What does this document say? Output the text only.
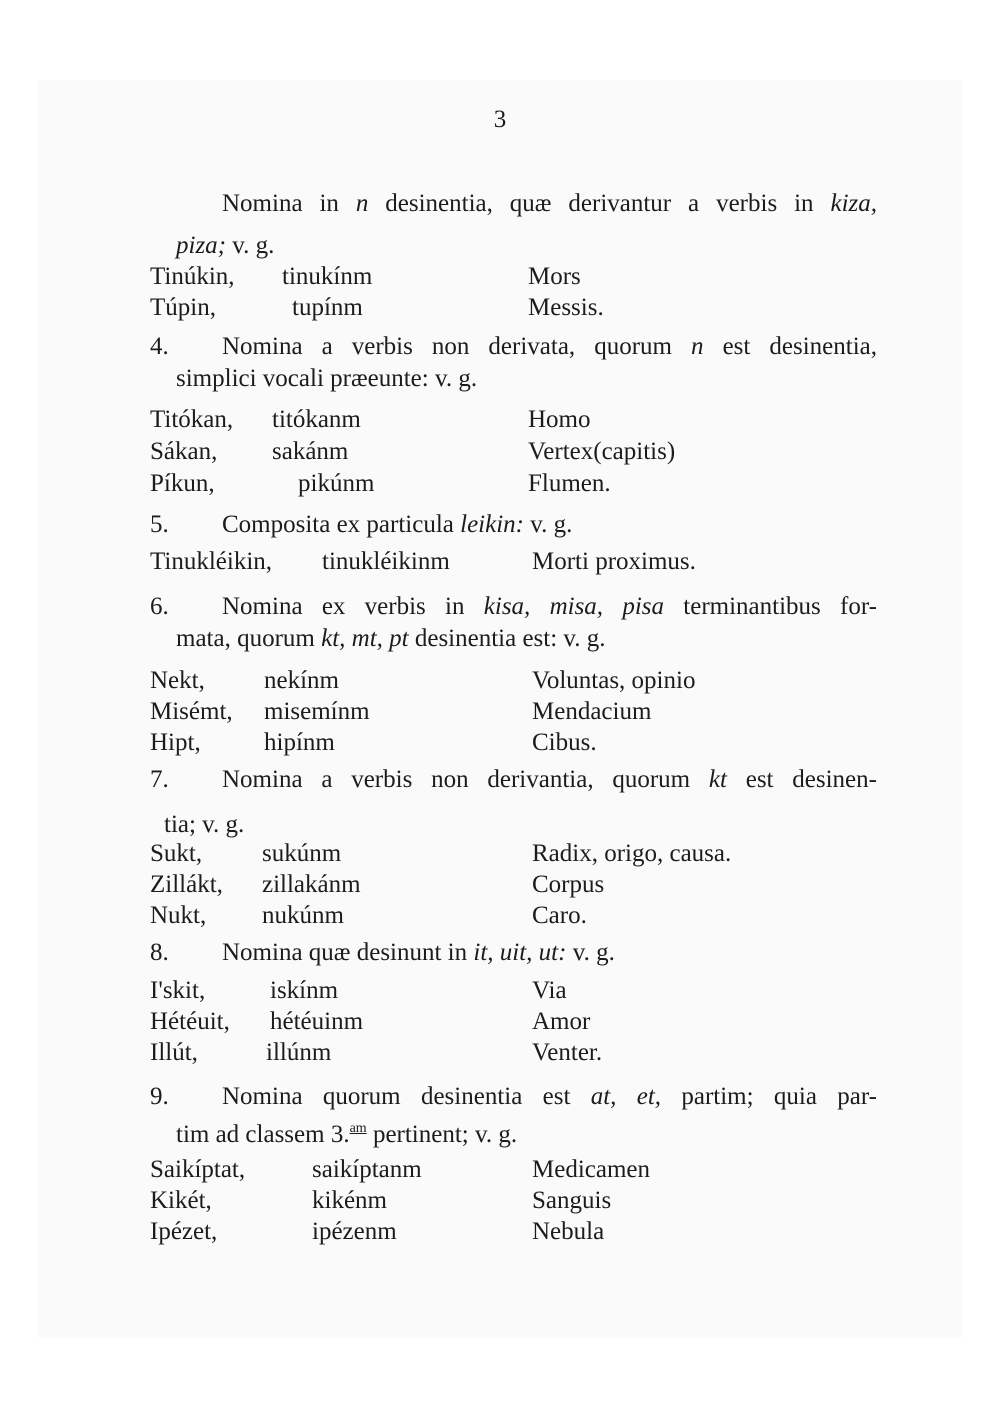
3
Nomina in n desinentia, quæ derivantur a verbis in kiza,
piza; v. g.
Tinúkin, tinukínm	Mors
Túpin,	tupínm	Messis.
4. Nomina a verbis non derivata, quorum n est desinentia,
simplici vocali præeunte: v. g.
Titókan, titókanm	Homo
Sákan, sakánm	Vertex(capitis)
Píkun,	pikúnm	Flumen.
5. Composita ex particula leikin: v. g.
Tinukléikin, tinukléikinm	Morti proximus.
6. Nomina ex verbis in kisa, misa, pisa terminantibus for-
mata, quorum kt, mt, pt desinentia est: v. g.
Nekt, nekínm	Voluntas, opinio
Misémt, misemínm	Mendacium
Hipt,	hipínm	Cibus.
7. Nomina a verbis non derivantia, quorum kt est desinen-
tia; v. g.
Sukt, sukúnm	Radix, origo, causa.
Zillákt, zillakánm	Corpus
Nukt, nukúnm	Caro.
8. Nomina quæ desinunt in it, uit, ut: v. g.
I'skit,	iskínm	Via
Hétéuit, hétéuinm	Amor
Illút,	illúnm	Venter.
9. Nomina quorum desinentia est at, et, partim; quia par-
tim ad classem 3.$^{am}$ pertinent; v. g.
Saikíptat,	saikíptanm	Medicamen
Kikét,	kikénm	Sanguis
Ipézet,	ipézenm	Nebula
